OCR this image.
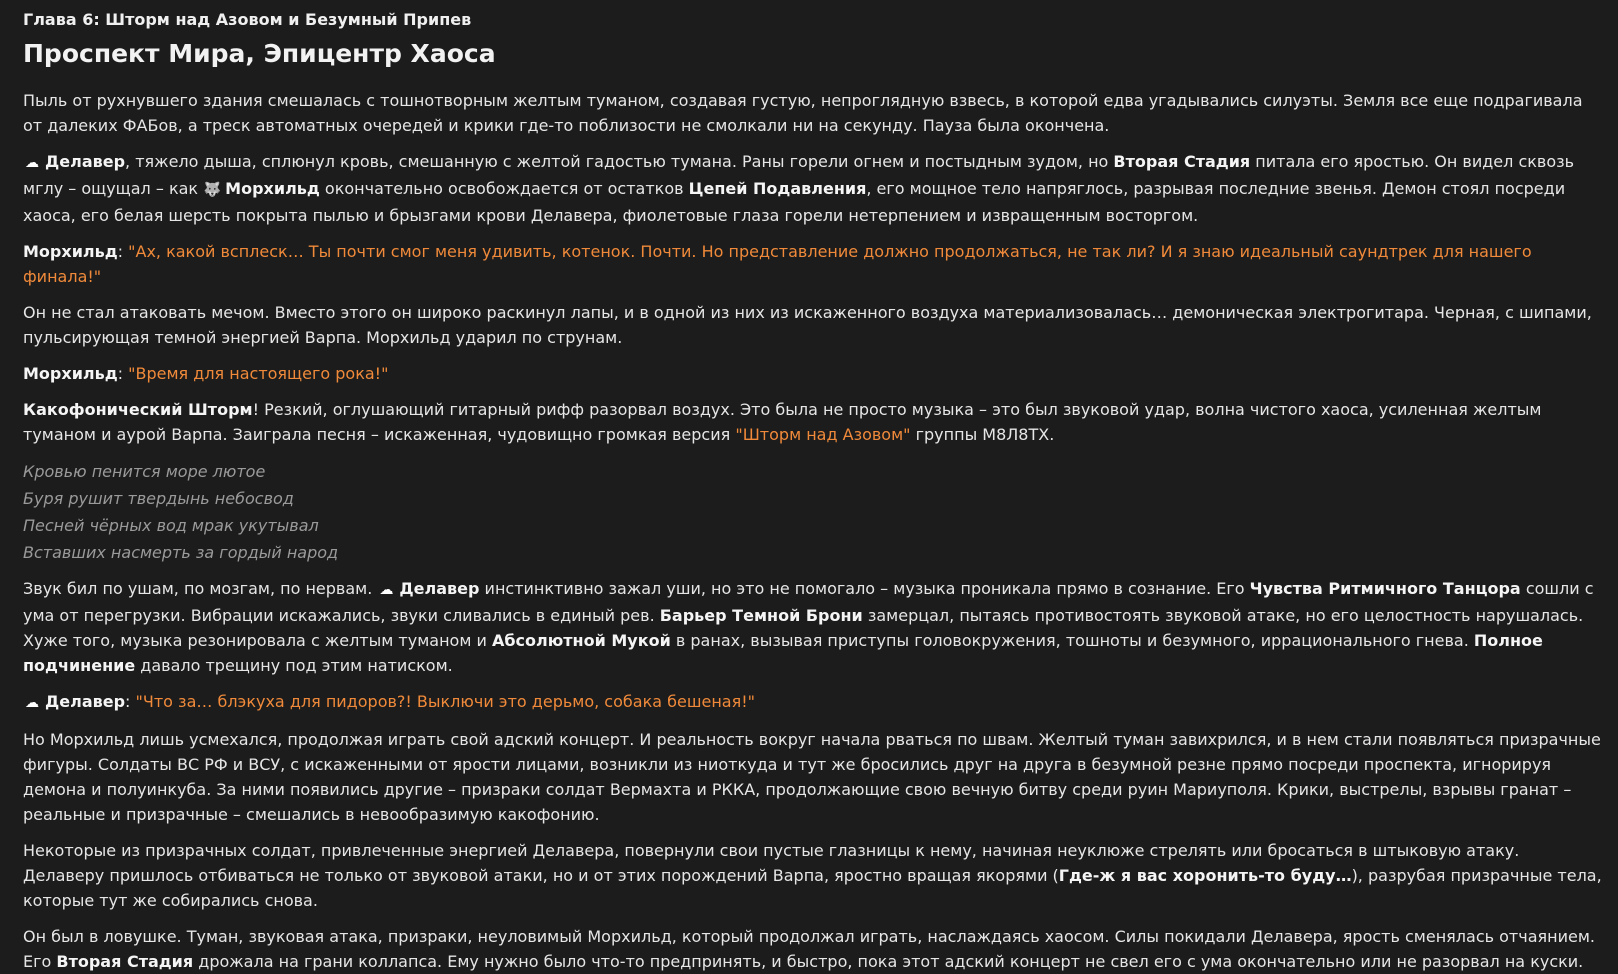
Глава 6: Шторм над Азовом и Безумный Припев
Проспект Мира, Эпицентр Хаоса

Пыль от рухнувшего здания смешалась с тошнотворным желтым туманом, создавая густую, непроглядную взвесь, в которой едва угадывались силуэты. Земля все еще подрагивала от далеких ФАБов, а треск автоматных очередей и крики где-то поблизости не смолкали ни на секунду. Пауза была окончена.

☁ Делавер, тяжело дыша, сплюнул кровь, смешанную с желтой гадостью тумана. Раны горели огнем и постыдным зудом, но Вторая Стадия питала его яростью. Он видел сквозь мглу – ощущал – как 🐺 Морхильд окончательно освобождается от остатков Цепей Подавления, его мощное тело напряглось, разрывая последние звенья. Демон стоял посреди хаоса, его белая шерсть покрыта пылью и брызгами крови Делавера, фиолетовые глаза горели нетерпением и извращенным восторгом.

Морхильд: "Ах, какой всплеск… Ты почти смог меня удивить, котенок. Почти. Но представление должно продолжаться, не так ли? И я знаю идеальный саундтрек для нашего финала!"

Он не стал атаковать мечом. Вместо этого он широко раскинул лапы, и в одной из них из искаженного воздуха материализовалась… демоническая электрогитара. Черная, с шипами, пульсирующая темной энергией Варпа. Морхильд ударил по струнам.

Морхильд: "Время для настоящего рока!"

Какофонический Шторм! Резкий, оглушающий гитарный рифф разорвал воздух. Это была не просто музыка – это был звуковой удар, волна чистого хаоса, усиленная желтым туманом и аурой Варпа. Заиграла песня – искаженная, чудовищно громкая версия "Шторм над Азовом" группы M8Л8ТХ.

Кровью пенится море лютое
Буря рушит твердынь небосвод
Песней чёрных вод мрак укутывал
Вставших насмерть за гордый народ

Звук бил по ушам, по мозгам, по нервам. ☁ Делавер инстинктивно зажал уши, но это не помогало – музыка проникала прямо в сознание. Его Чувства Ритмичного Танцора сошли с ума от перегрузки. Вибрации искажались, звуки сливались в единый рев. Барьер Темной Брони замерцал, пытаясь противостоять звуковой атаке, но его целостность нарушалась. Хуже того, музыка резонировала с желтым туманом и Абсолютной Мукой в ранах, вызывая приступы головокружения, тошноты и безумного, иррационального гнева. Полное подчинение давало трещину под этим натиском.

☁ Делавер: "Что за… блэкуха для пидоров?! Выключи это дерьмо, собака бешеная!"

Но Морхильд лишь усмехался, продолжая играть свой адский концерт. И реальность вокруг начала рваться по швам. Желтый туман завихрился, и в нем стали появляться призрачные фигуры. Солдаты ВС РФ и ВСУ, с искаженными от ярости лицами, возникли из ниоткуда и тут же бросились друг на друга в безумной резне прямо посреди проспекта, игнорируя демона и полуинкуба. За ними появились другие – призраки солдат Вермахта и РККА, продолжающие свою вечную битву среди руин Мариуполя. Крики, выстрелы, взрывы гранат – реальные и призрачные – смешались в невообразимую какофонию.

Некоторые из призрачных солдат, привлеченные энергией Делавера, повернули свои пустые глазницы к нему, начиная неуклюже стрелять или бросаться в штыковую атаку. Делаверу пришлось отбиваться не только от звуковой атаки, но и от этих порождений Варпа, яростно вращая якорями (Где-ж я вас хоронить-то буду…), разрубая призрачные тела, которые тут же собирались снова.

Он был в ловушке. Туман, звуковая атака, призраки, неуловимый Морхильд, который продолжал играть, наслаждаясь хаосом. Силы покидали Делавера, ярость сменялась отчаянием. Его Вторая Стадия дрожала на грани коллапса. Ему нужно было что-то предпринять, и быстро, пока этот адский концерт не свел его с ума окончательно или не разорвал на куски.
